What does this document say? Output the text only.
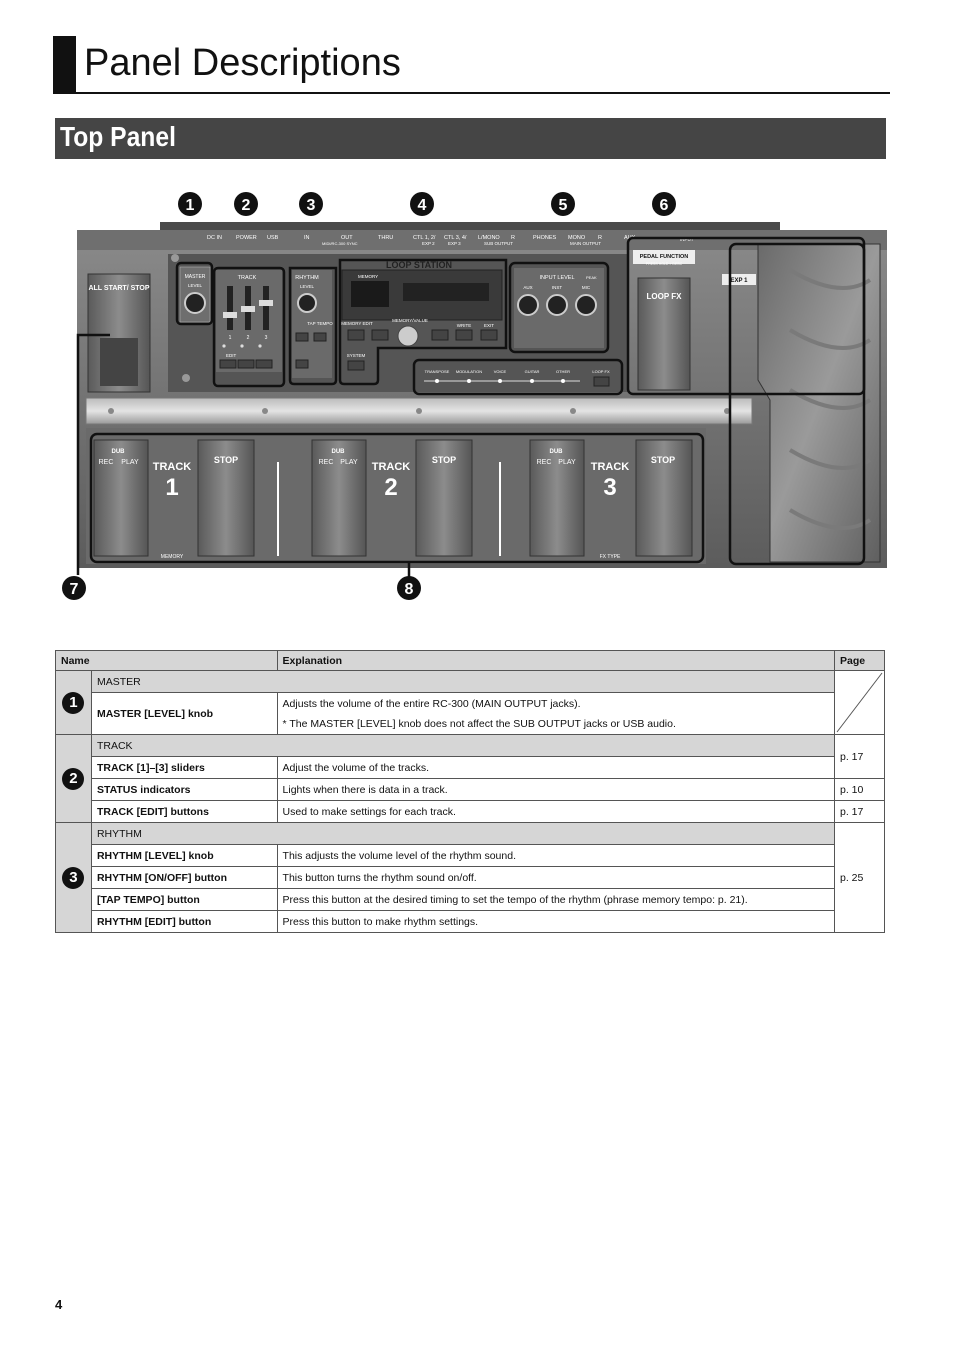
Panel Descriptions
Top Panel
DC IN	POWER USB	IN	OUT
MIDI/RC-300 SYNC
THRU	CTL 1, 2/
EXP 2
CTL 3, 4/
EXP 3
L/MONO R
SUB OUTPUT
PHONES MONO R
MAIN OUTPUT
AUX	INPUT
ALL START/ STOP
MASTER
LEVEL
TRACK
1	2	3
EDIT
RHYTHM
LEVEL
TAP TEMPO
LOOP STATION
MEMORY
MEMORY EDIT
MEMORY/VALUE
WRITE	EXIT
SYSTEM
INPUT LEVEL	PEAK
AUX	INST	MIC
TRANSPOSE MODULATION	VOICE	GUITAR	OTHER	LOOP FX
PEDAL FUNCTION
PRESS HOLD > DESC
LOOP FX
EXP 1
DUB
REC PLAY TRACK
1
STOP
MEMORY
DUB
REC PLAY TRACK
2
STOP
DUB
REC PLAY TRACK
3
STOP
FX TYPE
1	2	3	4	5	6
7	8
Name		Explanation	Page
1	MASTER	

	MASTER [LEVEL] knob	Adjusts the volume of the entire RC-300 (MAIN OUTPUT jacks).
* The MASTER [LEVEL] knob does not affect the SUB OUTPUT jacks or USB audio.	

2	TRACK		p. 17
	TRACK [1]–[3] sliders	Adjust the volume of the tracks.	
	STATUS indicators	Lights when there is data in a track.	p. 10
	TRACK [EDIT] buttons	Used to make settings for each track.	p. 17
3	RHYTHM		p. 25
	RHYTHM [LEVEL] knob	This adjusts the volume level of the rhythm sound.	
	RHYTHM [ON/OFF] button	This button turns the rhythm sound on/off.	
	[TAP TEMPO] button	Press this button at the desired timing to set the tempo of the rhythm (phrase memory tempo: p. 21).	
	RHYTHM [EDIT] button	Press this button to make rhythm settings.	
4
